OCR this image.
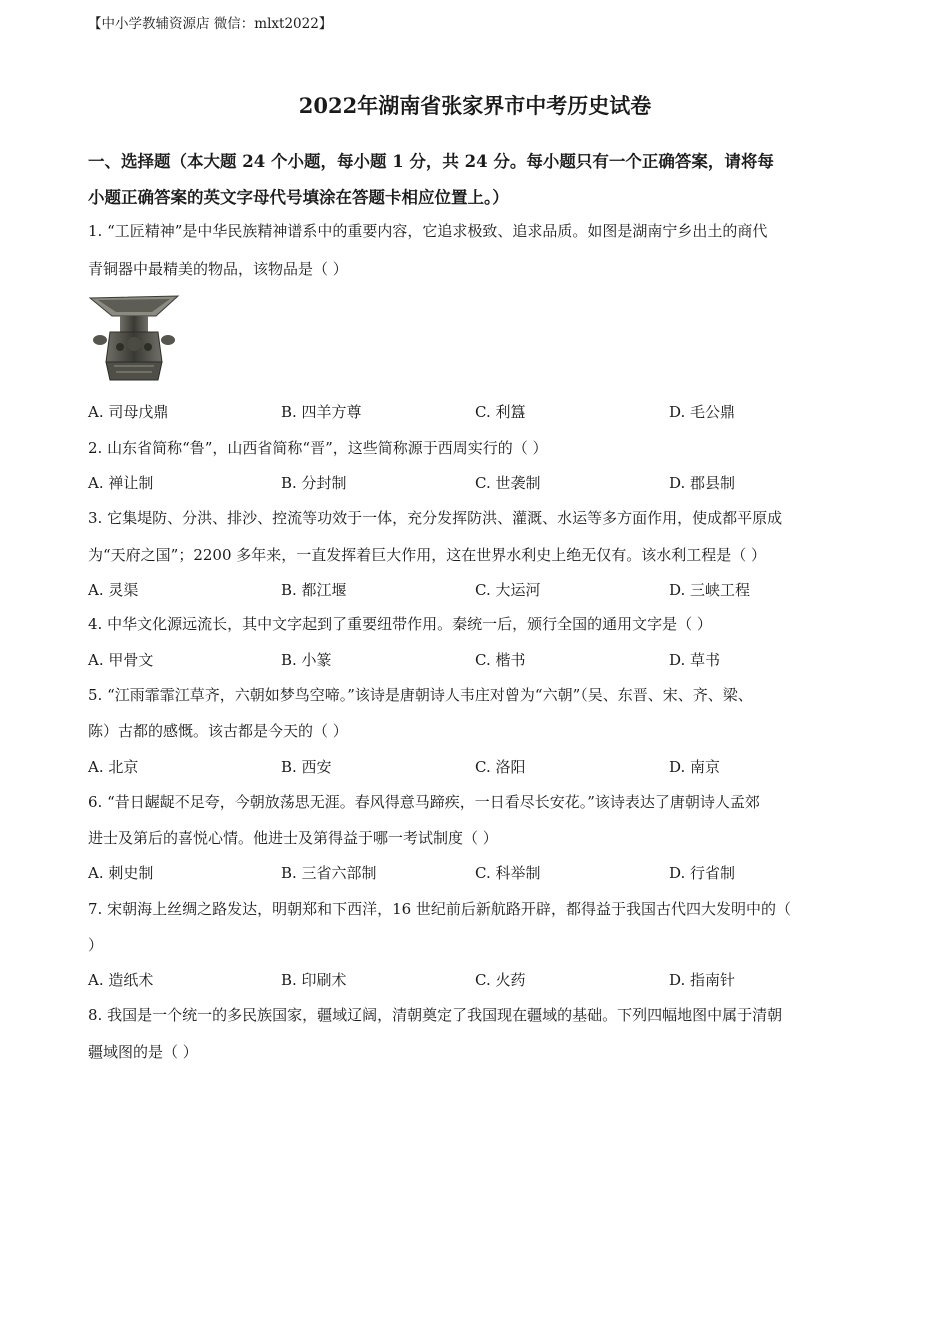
【中小学教辅资源店 微信：mlxt2022】
2022年湖南省张家界市中考历史试卷
一、选择题（本大题 24 个小题，每小题 1 分，共 24 分。每小题只有一个正确答案，请将每
小题正确答案的英文字母代号填涂在答题卡相应位置上。）
1. “工匠精神”是中华民族精神谱系中的重要内容，它追求极致、追求品质。如图是湖南宁乡出土的商代
青铜器中最精美的物品，该物品是（ ）
A. 司母戊鼎	B. 四羊方尊	C. 利簋	D. 毛公鼎
2. 山东省简称“鲁”，山西省简称“晋”，这些简称源于西周实行的（ ）
A. 禅让制	B. 分封制	C. 世袭制	D. 郡县制
3. 它集堤防、分洪、排沙、控流等功效于一体，充分发挥防洪、灌溉、水运等多方面作用，使成都平原成
为“天府之国”；2200 多年来，一直发挥着巨大作用，这在世界水利史上绝无仅有。该水利工程是（ ）
A. 灵渠	B. 都江堰	C. 大运河	D. 三峡工程
4. 中华文化源远流长，其中文字起到了重要纽带作用。秦统一后，颁行全国的通用文字是（ ）
A. 甲骨文	B. 小篆	C. 楷书	D. 草书
5. “江雨霏霏江草齐，六朝如梦鸟空啼。”该诗是唐朝诗人韦庄对曾为“六朝”（吴、东晋、宋、齐、梁、
陈）古都的感慨。该古都是今天的（ ）
A. 北京	B. 西安	C. 洛阳	D. 南京
6. “昔日龌龊不足夸，今朝放荡思无涯。春风得意马蹄疾，一日看尽长安花。”该诗表达了唐朝诗人孟郊
进士及第后的喜悦心情。他进士及第得益于哪一考试制度（ ）
A. 刺史制	B. 三省六部制	C. 科举制	D. 行省制
7. 宋朝海上丝绸之路发达，明朝郑和下西洋，16 世纪前后新航路开辟，都得益于我国古代四大发明中的（
）
A. 造纸术	B. 印刷术	C. 火药	D. 指南针
8. 我国是一个统一的多民族国家，疆域辽阔，清朝奠定了我国现在疆域的基础。下列四幅地图中属于清朝
疆域图的是（ ）
